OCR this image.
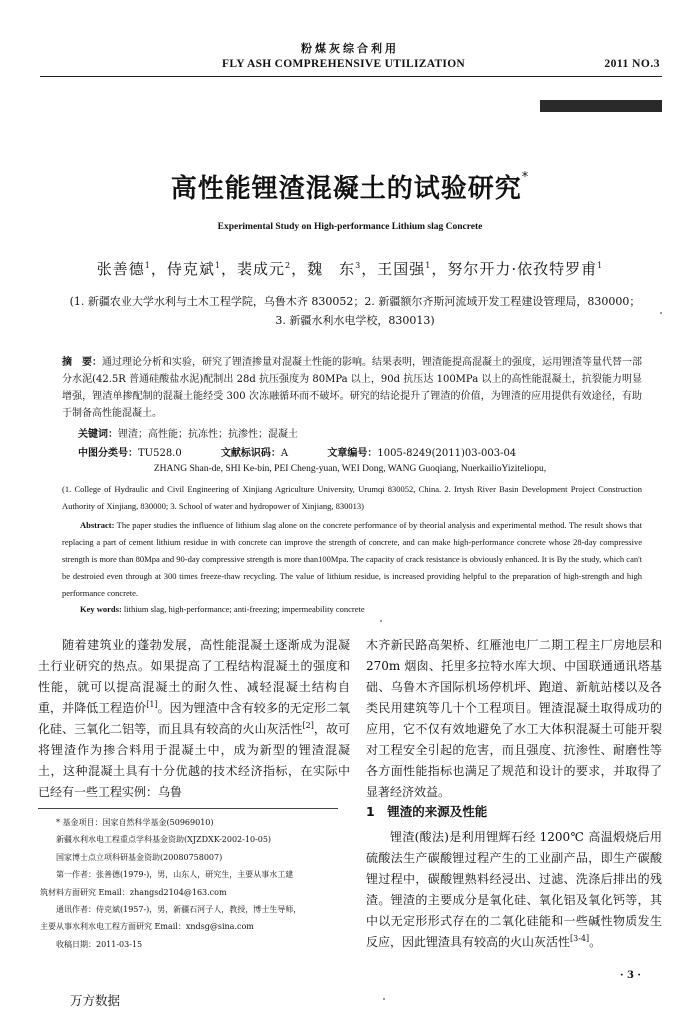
粉煤灰综合利用
FLY ASH COMPREHENSIVE UTILIZATION	2011 NO.3
高性能锂渣混凝土的试验研究*
Experimental Study on High-performance Lithium slag Concrete
张善德$^1$，侍克斌$^1$，裴成元$^2$，魏　东$^3$，王国强$^1$，努尔开力·依孜特罗甫$^1$
(1. 新疆农业大学水利与土木工程学院，乌鲁木齐 830052；2. 新疆额尔齐斯河流域开发工程建设管理局，830000；
3. 新疆水利水电学校，830013)
摘　要：通过理论分析和实验，研究了锂渣掺量对混凝土性能的影响。结果表明，锂渣能提高混凝土的强度，运用锂渣等量代替一部分水泥(42.5R 普通硅酸盐水泥)配制出 28d 抗压强度为 80MPa 以上，90d 抗压达 100MPa 以上的高性能混凝土，抗裂能力明显增强，锂渣单掺配制的混凝土能经受 300 次冻融循环而不破坏。研究的结论提升了锂渣的价值，为锂渣的应用提供有效途径，有助于制备高性能混凝土。
关键词：锂渣；高性能；抗冻性；抗渗性；混凝土
中图分类号：TU528.0	文献标识码：A	文章编号：1005-8249(2011)03-003-04
ZHANG Shan-de, SHI Ke-bin, PEI Cheng-yuan, WEI Dong, WANG Guoqiang, NuerkailioYiziteliopu,
(1. College of Hydraulic and Civil Engineering of Xinjiang Agriculture University, Urumqi 830052, China. 2. Irtysh River Basin Development Project Construction Authority of Xinjiang, 830000; 3. School of water and hydropower of Xinjiang, 830013)
Abstract: The paper studies the influence of lithium slag alone on the concrete performance of by theorial analysis and experimental method. The result shows that replacing a part of cement lithium residue in with concrete can improve the strength of concrete, and can make high-performance concrete whose 28-day compressive strength is more than 80Mpa and 90-day compressive strength is more than100Mpa. The capacity of crack resistance is obviously enhanced. It is By the study, which can't be destroied even through at 300 times freeze-thaw recycling. The value of lithium residue, is increased providing helpful to the preparation of high-strength and high performance concrete.
Key words: lithium slag, high-performance; anti-freezing; impermeability concrete

随着建筑业的蓬勃发展，高性能混凝土逐渐成为混凝土行业研究的热点。如果提高了工程结构混凝土的强度和性能，就可以提高混凝土的耐久性、减轻混凝土结构自重，并降低工程造价[1]。因为锂渣中含有较多的无定形二氧化硅、三氧化二铝等，而且具有较高的火山灰活性[2]，故可将锂渣作为掺合料用于混凝土中，成为新型的锂渣混凝土，这种混凝土具有十分优越的技术经济指标，在实际中已经有一些工程实例：乌鲁

木齐新民路高架桥、红雁池电厂二期工程主厂房地层和270m 烟囱、托里多拉特水库大坝、中国联通通讯塔基础、乌鲁木齐国际机场停机坪、跑道、新航站楼以及各类民用建筑等几十个工程项目。锂渣混凝土取得成功的应用，它不仅有效地避免了水工大体积混凝土可能开裂对工程安全引起的危害，而且强度、抗渗性、耐磨性等各方面性能指标也满足了规范和设计的要求，并取得了显著经济效益。

1　锂渣的来源及性能

锂渣(酸法)是利用锂辉石经 1200℃ 高温煅烧后用硫酸法生产碳酸锂过程产生的工业副产品，即生产碳酸锂过程中，碳酸锂熟料经浸出、过滤、洗涤后排出的残渣。锂渣的主要成分是氧化硅、氧化铝及氧化钙等，其中以无定形形式存在的二氧化硅能和一些碱性物质发生反应，因此锂渣具有较高的火山灰活性[3-4]。

* 基金项目：国家自然科学基金(50969010)
新疆水利水电工程重点学科基金资助(XJZDXK-2002-10-05)
国家博士点立项科研基金资助(20080758007)
第一作者：张善德(1979-)，男，山东人，研究生，主要从事水工建
筑材料方面研究 Email：zhangsd2104@163.com
通讯作者：侍克斌(1957-)，男，新疆石河子人，教授，博士生导师，
主要从事水利水电工程方面研究 Email：xndsg@sina.com
收稿日期：2011-03-15
· 3 ·
万方数据
